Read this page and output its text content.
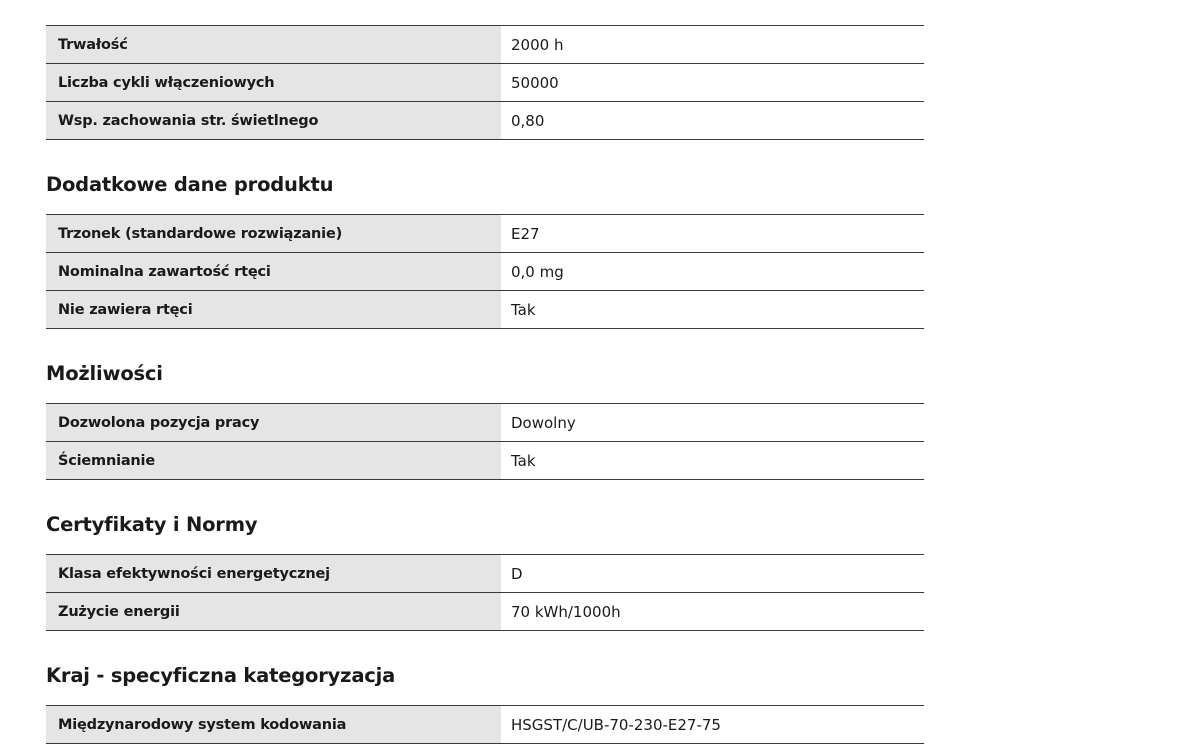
Trwałość	2000 h
Liczba cykli włączeniowych	50000
Wsp. zachowania str. świetlnego	0,80
Dodatkowe dane produktu
Trzonek (standardowe rozwiązanie)	E27
Nominalna zawartość rtęci	0,0 mg
Nie zawiera rtęci	Tak
Możliwości
Dozwolona pozycja pracy	Dowolny
Ściemnianie	Tak
Certyfikaty i Normy
Klasa efektywności energetycznej	D
Zużycie energii	70 kWh/1000h
Kraj - specyficzna kategoryzacja
Międzynarodowy system kodowania	HSGST/C/UB-70-230-E27-75
